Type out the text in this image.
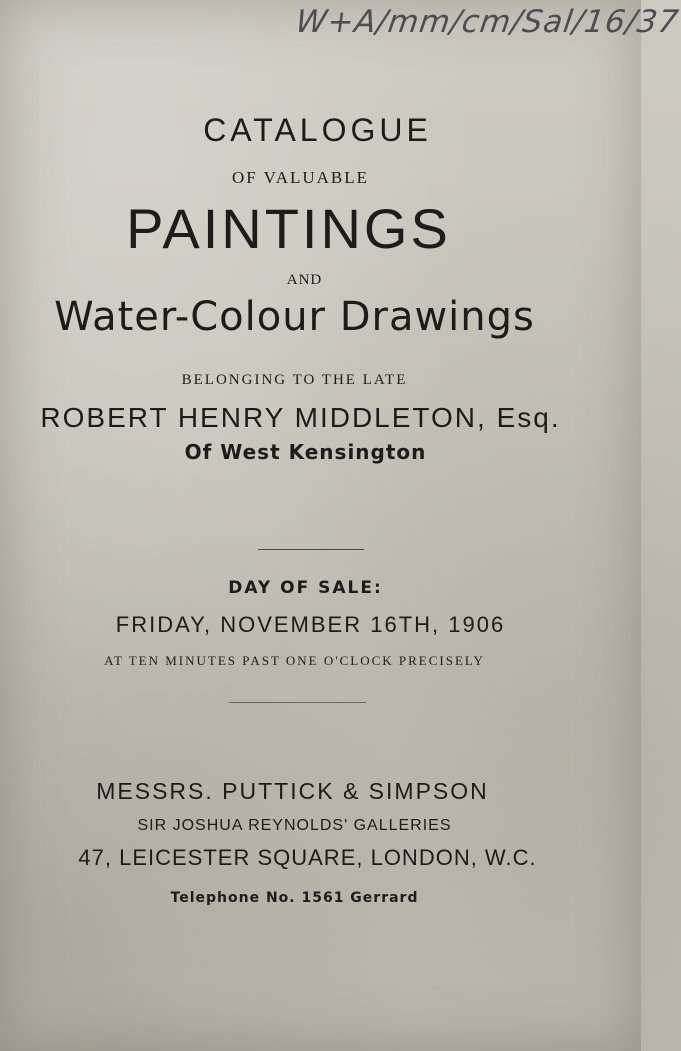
W+A/mm/cm/Sal/16/37
CATALOGUE
OF VALUABLE
PAINTINGS
AND
Water-Colour Drawings
BELONGING TO THE LATE
ROBERT HENRY MIDDLETON, Esq.
Of West Kensington
DAY OF SALE:
FRIDAY, NOVEMBER 16TH, 1906
AT TEN MINUTES PAST ONE O'CLOCK PRECISELY
MESSRS. PUTTICK & SIMPSON
SIR JOSHUA REYNOLDS' GALLERIES
47, LEICESTER SQUARE, LONDON, W.C.
Telephone No. 1561 Gerrard
